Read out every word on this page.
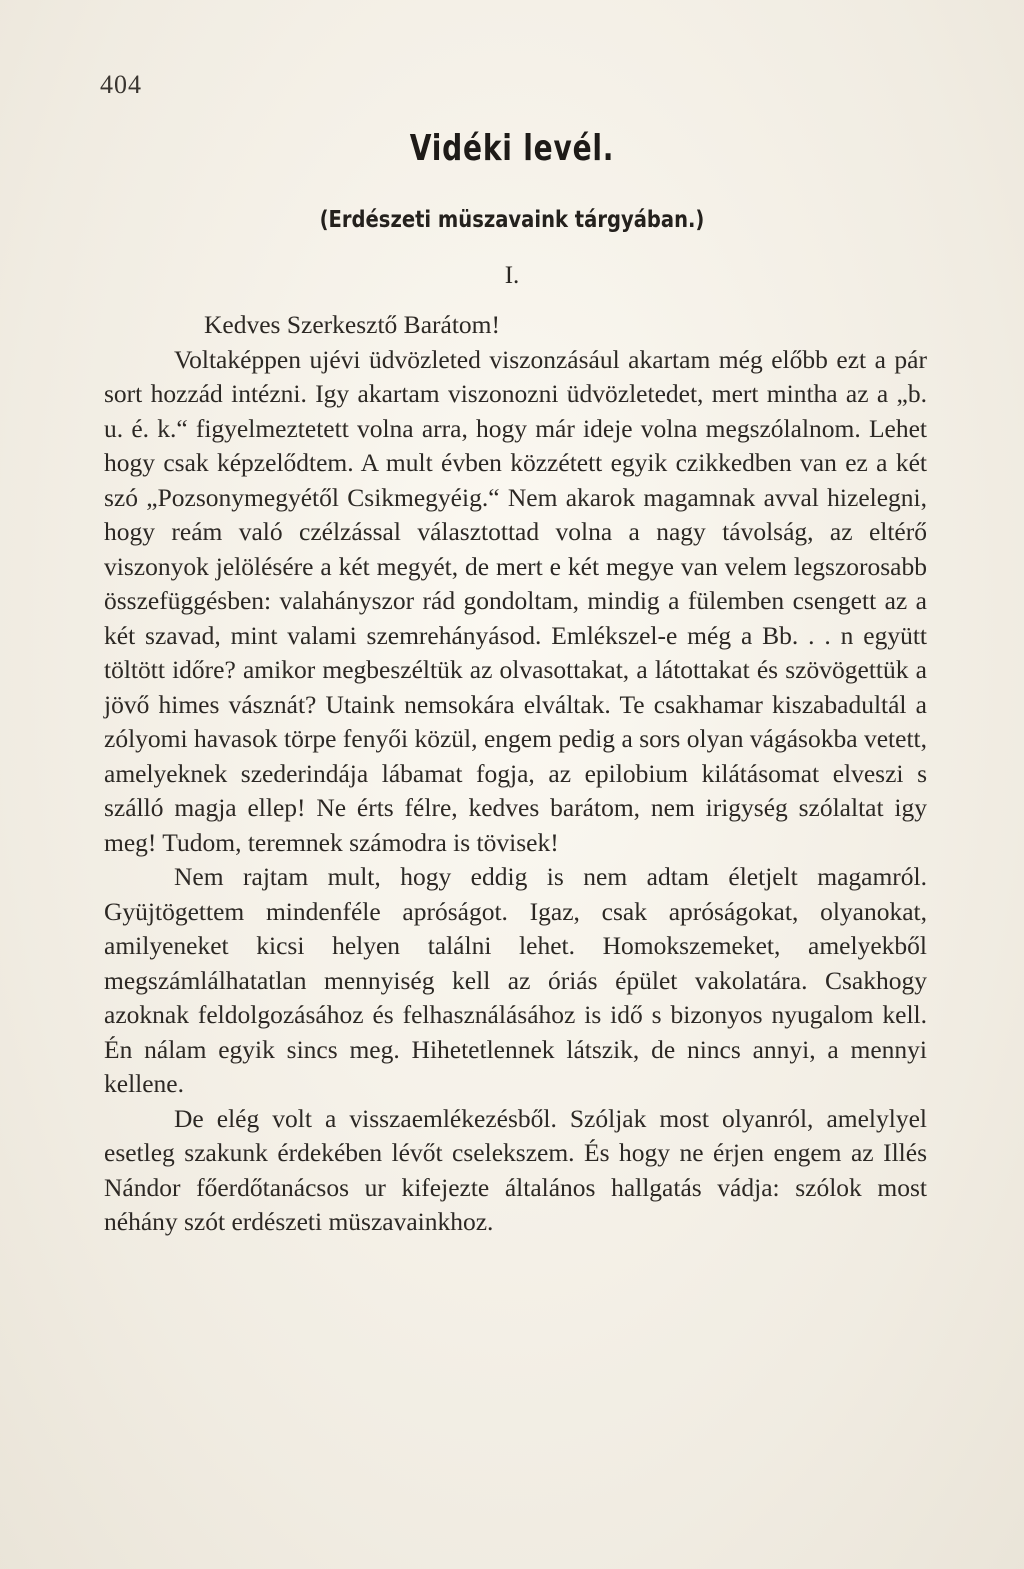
404
Vidéki levél.
(Erdészeti müszavaink tárgyában.)
I.

Kedves Szerkesztő Barátom!

Voltaképpen ujévi üdvözleted viszonzásául akartam még előbb ezt a pár sort hozzád intézni. Igy akartam viszonozni üdvözletedet, mert mintha az a „b. u. é. k.“ figyelmeztetett volna arra, hogy már ideje volna megszólalnom. Lehet hogy csak képzelődtem. A mult évben közzétett egyik czikkedben van ez a két szó „Pozsonymegyétől Csikmegyéig.“ Nem akarok magamnak avval hizelegni, hogy reám való czélzással választottad volna a nagy távolság, az eltérő viszonyok jelölésére a két megyét, de mert e két megye van velem legszorosabb összefüggésben: valahányszor rád gondoltam, mindig a fülemben csengett az a két szavad, mint valami szemrehányásod. Emlékszel-e még a Bb. . . n együtt töltött időre? amikor megbeszéltük az olvasottakat, a látottakat és szövögettük a jövő himes vásznát? Utaink nemsokára elváltak. Te csakhamar kiszabadultál a zólyomi havasok törpe fenyői közül, engem pedig a sors olyan vágásokba vetett, amelyeknek szederindája lábamat fogja, az epilobium kilátásomat elveszi s szálló magja ellep! Ne érts félre, kedves barátom, nem irigység szólaltat igy meg! Tudom, teremnek számodra is tövisek!

Nem rajtam mult, hogy eddig is nem adtam életjelt magamról. Gyüjtögettem mindenféle apróságot. Igaz, csak apróságokat, olyanokat, amilyeneket kicsi helyen találni lehet. Homokszemeket, amelyekből megszámlálhatatlan mennyiség kell az óriás épület vakolatára. Csakhogy azoknak feldolgozásához és felhasználásához is idő s bizonyos nyugalom kell. Én nálam egyik sincs meg. Hihetetlennek látszik, de nincs annyi, a mennyi kellene.

De elég volt a visszaemlékezésből. Szóljak most olyanról, amelylyel esetleg szakunk érdekében lévőt cselekszem. És hogy ne érjen engem az Illés Nándor főerdőtanácsos ur kifejezte általános hallgatás vádja: szólok most néhány szót erdészeti müszavainkhoz.
